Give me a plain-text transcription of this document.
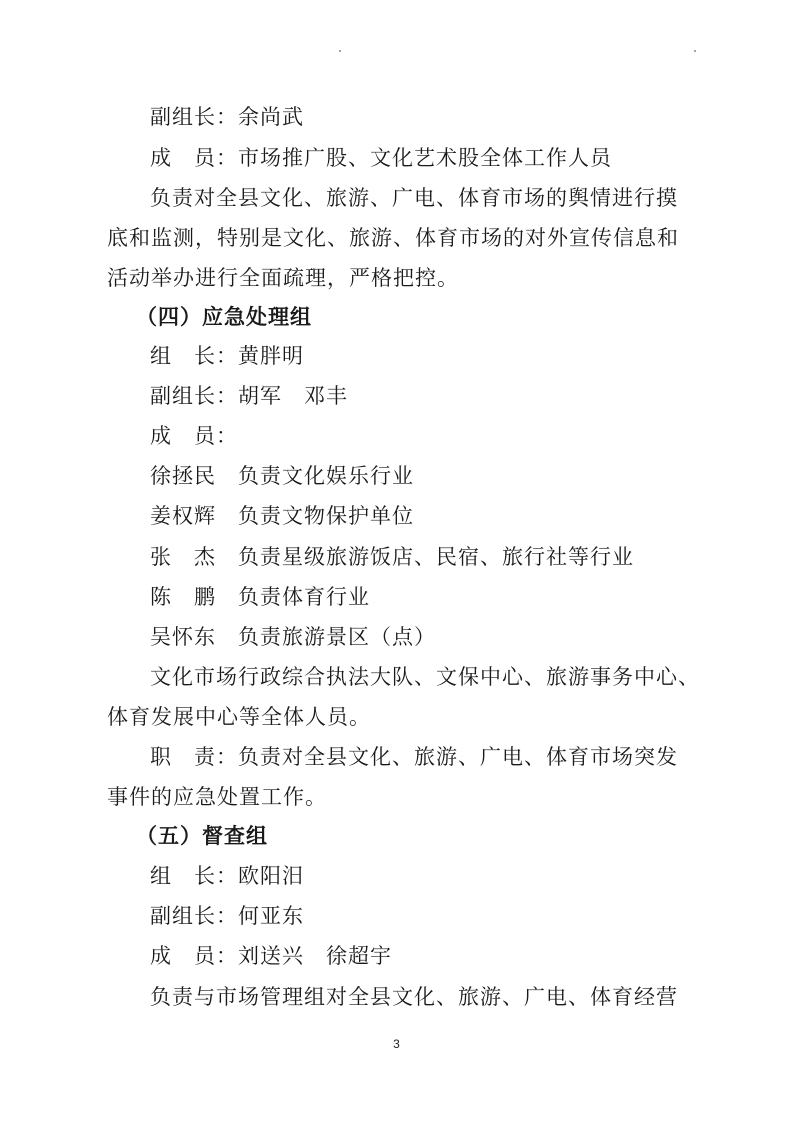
副组长：余尚武
成　员：市场推广股、文化艺术股全体工作人员
负责对全县文化、旅游、广电、体育市场的舆情进行摸
底和监测，特别是文化、旅游、体育市场的对外宣传信息和
活动举办进行全面疏理，严格把控。
（四）应急处理组
组　长：黄胖明
副组长：胡军　邓丰
成　员：
徐拯民　负责文化娱乐行业
姜权辉　负责文物保护单位
张　杰　负责星级旅游饭店、民宿、旅行社等行业
陈　鹏　负责体育行业
吴怀东　负责旅游景区（点）
文化市场行政综合执法大队、文保中心、旅游事务中心、
体育发展中心等全体人员。
职　责：负责对全县文化、旅游、广电、体育市场突发
事件的应急处置工作。
（五）督查组
组　长：欧阳汨
副组长：何亚东
成　员：刘送兴　徐超宇
负责与市场管理组对全县文化、旅游、广电、体育经营
3
